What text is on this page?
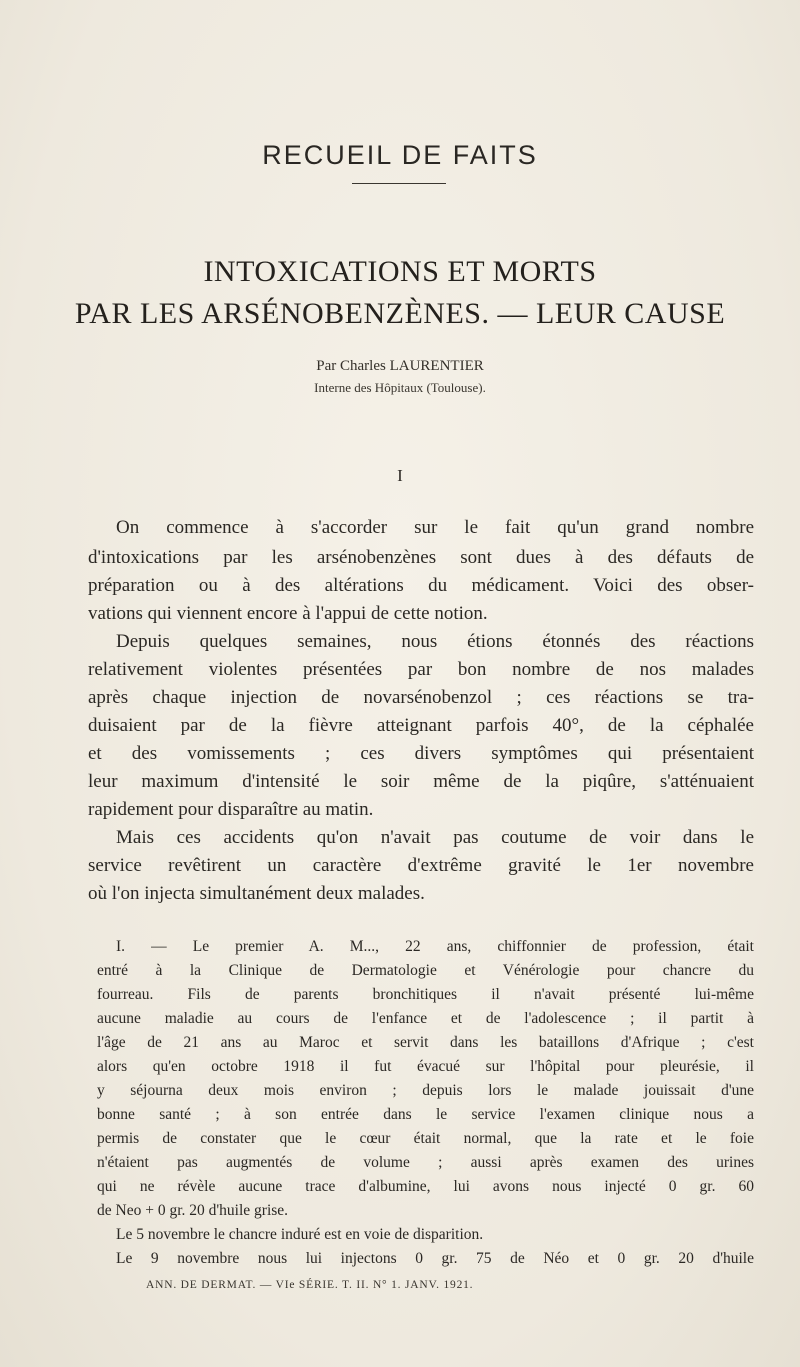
RECUEIL DE FAITS
INTOXICATIONS ET MORTS
PAR LES ARSÉNOBENZÈNES. — LEUR CAUSE
Par Charles LAURENTIER
Interne des Hôpitaux (Toulouse).
I
On commence à s'accorder sur le fait qu'un grand nombre
d'intoxications par les arsénobenzènes sont dues à des défauts de
préparation ou à des altérations du médicament. Voici des obser-
vations qui viennent encore à l'appui de cette notion.
Depuis quelques semaines, nous étions étonnés des réactions
relativement violentes présentées par bon nombre de nos malades
après chaque injection de novarsénobenzol ; ces réactions se tra-
duisaient par de la fièvre atteignant parfois 40°, de la céphalée
et des vomissements ; ces divers symptômes qui présentaient
leur maximum d'intensité le soir même de la piqûre, s'atténuaient
rapidement pour disparaître au matin.
Mais ces accidents qu'on n'avait pas coutume de voir dans le
service revêtirent un caractère d'extrême gravité le 1er novembre
où l'on injecta simultanément deux malades.
I. — Le premier A. M..., 22 ans, chiffonnier de profession, était
entré à la Clinique de Dermatologie et Vénérologie pour chancre du
fourreau. Fils de parents bronchitiques il n'avait présenté lui-même
aucune maladie au cours de l'enfance et de l'adolescence ; il partit à
l'âge de 21 ans au Maroc et servit dans les bataillons d'Afrique ; c'est
alors qu'en octobre 1918 il fut évacué sur l'hôpital pour pleurésie, il
y séjourna deux mois environ ; depuis lors le malade jouissait d'une
bonne santé ; à son entrée dans le service l'examen clinique nous a
permis de constater que le cœur était normal, que la rate et le foie
n'étaient pas augmentés de volume ; aussi après examen des urines
qui ne révèle aucune trace d'albumine, lui avons nous injecté 0 gr. 60
de Neo + 0 gr. 20 d'huile grise.
Le 5 novembre le chancre induré est en voie de disparition.
Le 9 novembre nous lui injectons 0 gr. 75 de Néo et 0 gr. 20 d'huile
ANN. DE DERMAT. — VIe SÉRIE. T. II. N° 1. JANV. 1921.
